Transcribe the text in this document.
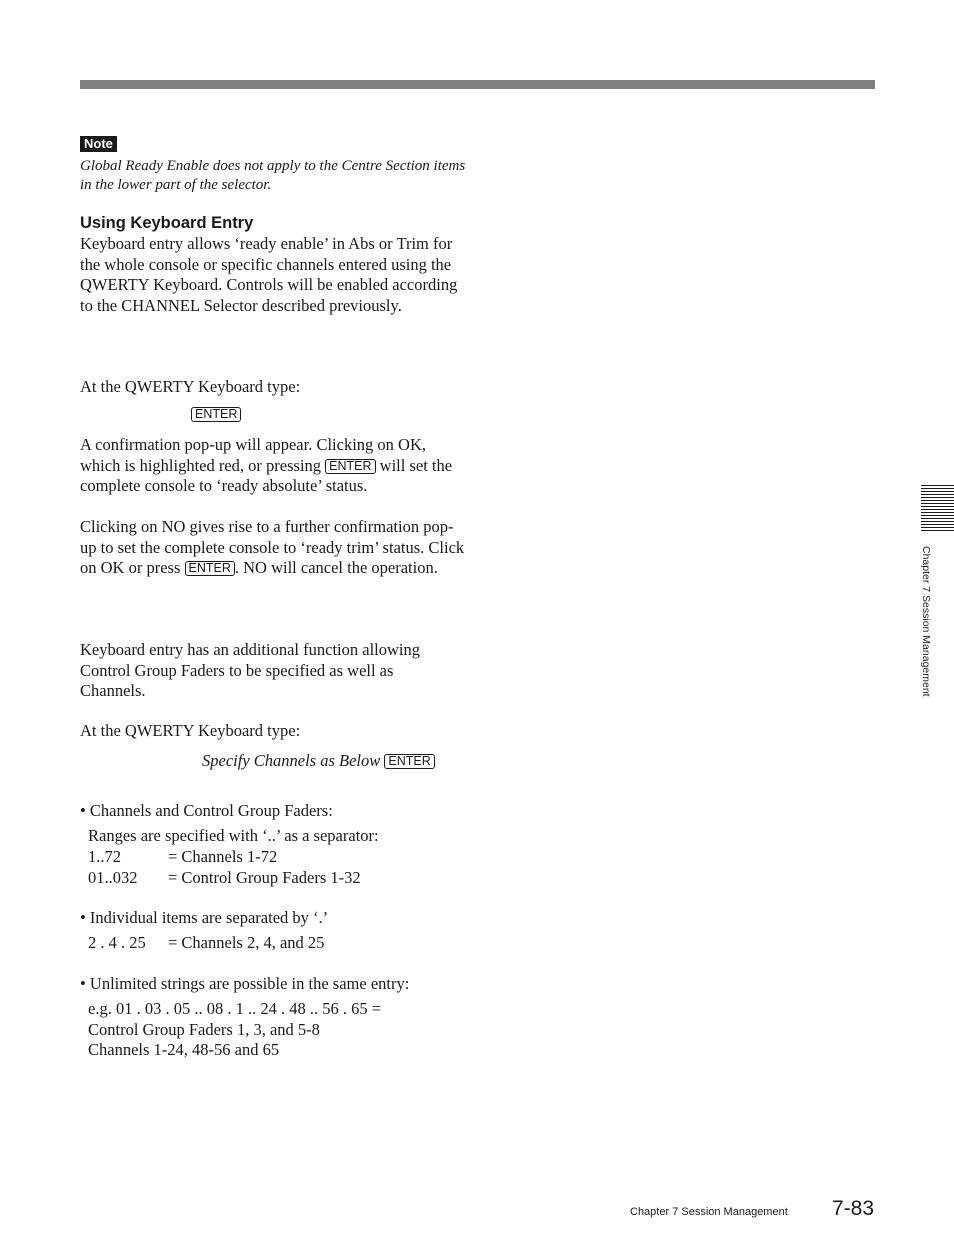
Note
Global Ready Enable does not apply to the Centre Section items in the lower part of the selector.
Using Keyboard Entry
Keyboard entry allows ‘ready enable’ in Abs or Trim for the whole console or specific channels entered using the QWERTY Keyboard. Controls will be enabled according to the CHANNEL Selector described previously.
At the QWERTY Keyboard type:
ENTER
A confirmation pop-up will appear. Clicking on OK, which is highlighted red, or pressing ENTER will set the complete console to ‘ready absolute’ status.
Clicking on NO gives rise to a further confirmation pop-up to set the complete console to ‘ready trim’ status. Click on OK or press ENTER . NO will cancel the operation.
Keyboard entry has an additional function allowing Control Group Faders to be specified as well as Channels.
At the QWERTY Keyboard type:
Specify Channels as Below ENTER
• Channels and Control Group Faders:
Ranges are specified with ‘..’ as a separator:
1..72	= Channels 1-72
01..032 = Control Group Faders 1-32
• Individual items are separated by ‘.’
2 . 4 . 25 = Channels 2, 4, and 25
• Unlimited strings are possible in the same entry:
e.g. 01 . 03 . 05 .. 08 . 1 .. 24 . 48 .. 56 . 65 =
Control Group Faders 1, 3, and 5-8
Channels 1-24, 48-56 and 65
Chapter 7 Session Management
Chapter 7 Session Management 7-83
